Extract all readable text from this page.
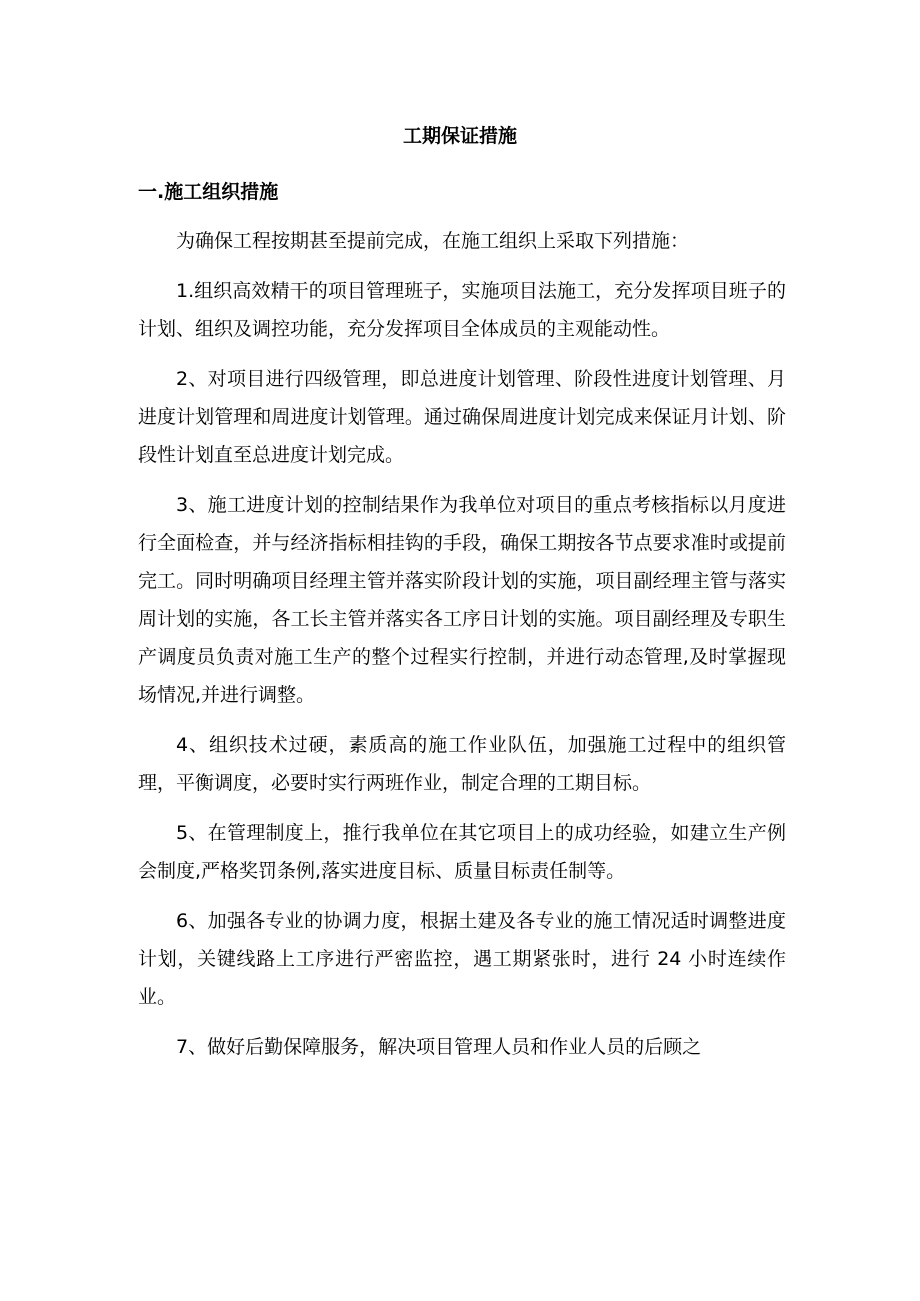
工期保证措施
一.施工组织措施

为确保工程按期甚至提前完成，在施工组织上采取下列措施：

1.组织高效精干的项目管理班子，实施项目法施工，充分发挥项目班子的计划、组织及调控功能，充分发挥项目全体成员的主观能动性。

2、对项目进行四级管理，即总进度计划管理、阶段性进度计划管理、月进度计划管理和周进度计划管理。通过确保周进度计划完成来保证月计划、阶段性计划直至总进度计划完成。

3、施工进度计划的控制结果作为我单位对项目的重点考核指标以月度进行全面检查，并与经济指标相挂钩的手段，确保工期按各节点要求准时或提前完工。同时明确项目经理主管并落实阶段计划的实施，项目副经理主管与落实周计划的实施，各工长主管并落实各工序日计划的实施。项目副经理及专职生产调度员负责对施工生产的整个过程实行控制，并进行动态管理,及时掌握现场情况,并进行调整。

4、组织技术过硬，素质高的施工作业队伍，加强施工过程中的组织管理，平衡调度，必要时实行两班作业，制定合理的工期目标。

5、在管理制度上，推行我单位在其它项目上的成功经验，如建立生产例会制度,严格奖罚条例,落实进度目标、质量目标责任制等。

6、加强各专业的协调力度，根据土建及各专业的施工情况适时调整进度计划，关键线路上工序进行严密监控，遇工期紧张时，进行 24 小时连续作业。

7、做好后勤保障服务，解决项目管理人员和作业人员的后顾之
